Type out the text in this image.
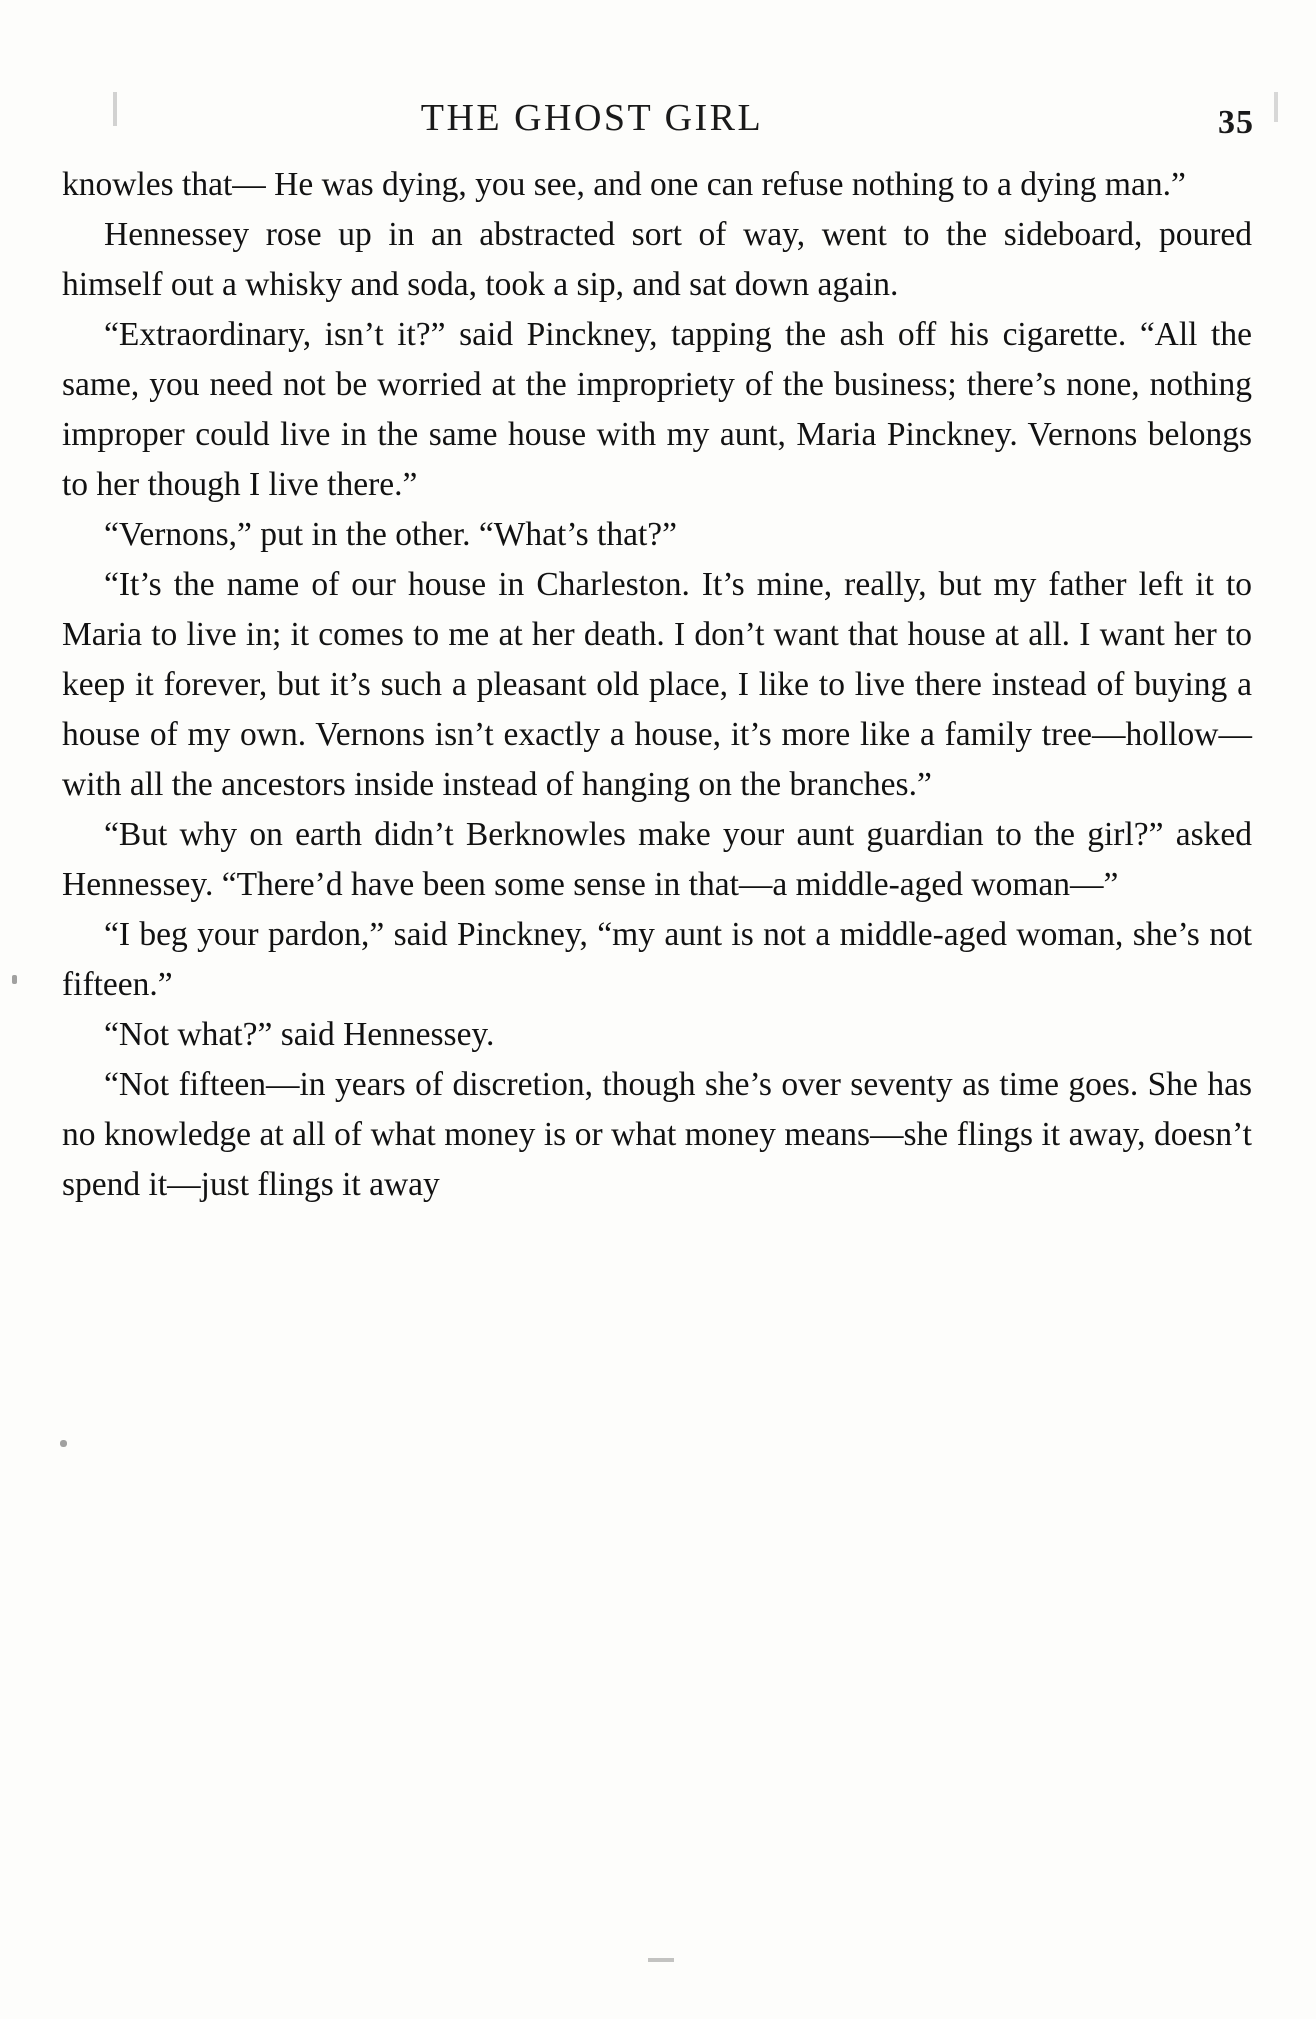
THE GHOST GIRL	35

knowles that— He was dying, you see, and one can refuse nothing to a dying man.”

Hennessey rose up in an abstracted sort of way, went to the sideboard, poured himself out a whisky and soda, took a sip, and sat down again.

“Extraordinary, isn’t it?” said Pinckney, tapping the ash off his cigarette. “All the same, you need not be worried at the impropriety of the business; there’s none, nothing improper could live in the same house with my aunt, Maria Pinckney. Vernons belongs to her though I live there.”

“Vernons,” put in the other. “What’s that?”

“It’s the name of our house in Charleston. It’s mine, really, but my father left it to Maria to live in; it comes to me at her death. I don’t want that house at all. I want her to keep it forever, but it’s such a pleasant old place, I like to live there instead of buying a house of my own. Vernons isn’t exactly a house, it’s more like a family tree—hollow—with all the ancestors inside instead of hanging on the branches.”

“But why on earth didn’t Berknowles make your aunt guardian to the girl?” asked Hennessey. “There’d have been some sense in that—a middle-aged woman—”

“I beg your pardon,” said Pinckney, “my aunt is not a middle-aged woman, she’s not fifteen.”

“Not what?” said Hennessey.

“Not fifteen—in years of discretion, though she’s over seventy as time goes. She has no knowledge at all of what money is or what money means—she flings it away, doesn’t spend it—just flings it away
